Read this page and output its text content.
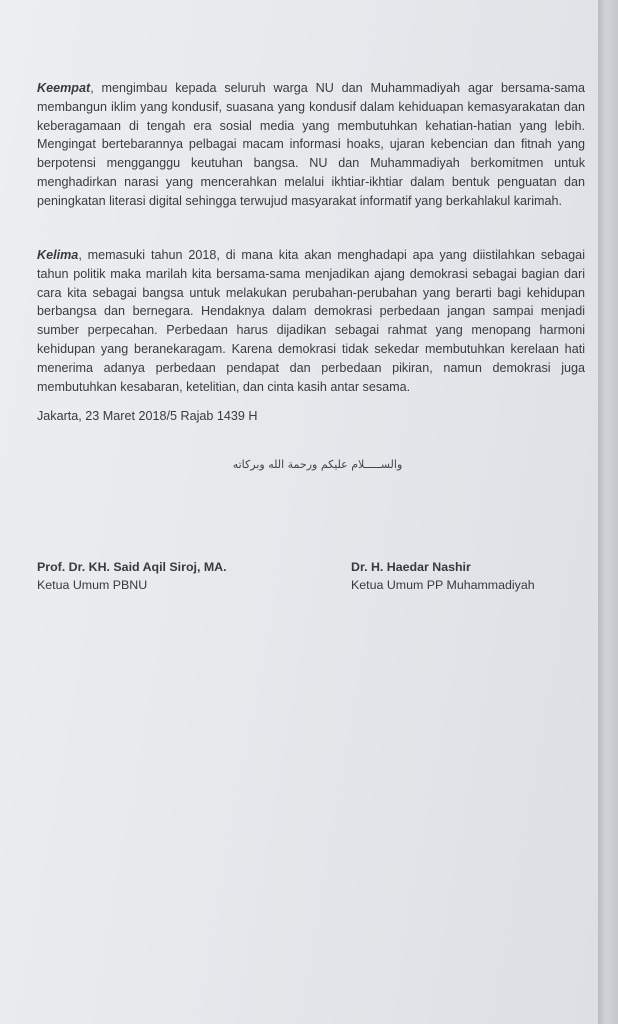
Keempat, mengimbau kepada seluruh warga NU dan Muhammadiyah agar bersama-sama membangun iklim yang kondusif, suasana yang kondusif dalam kehiduapan kemasyarakatan dan keberagamaan di tengah era sosial media yang membutuhkan kehatian-hatian yang lebih. Mengingat bertebarannya pelbagai macam informasi hoaks, ujaran kebencian dan fitnah yang berpotensi mengganggu keutuhan bangsa. NU dan Muhammadiyah berkomitmen untuk menghadirkan narasi yang mencerahkan melalui ikhtiar-ikhtiar dalam bentuk penguatan dan peningkatan literasi digital sehingga terwujud masyarakat informatif yang berkahlakul karimah.

Kelima, memasuki tahun 2018, di mana kita akan menghadapi apa yang diistilahkan sebagai tahun politik maka marilah kita bersama-sama menjadikan ajang demokrasi sebagai bagian dari cara kita sebagai bangsa untuk melakukan perubahan-perubahan yang berarti bagi kehidupan berbangsa dan bernegara. Hendaknya dalam demokrasi perbedaan jangan sampai menjadi sumber perpecahan. Perbedaan harus dijadikan sebagai rahmat yang menopang harmoni kehidupan yang beranekaragam. Karena demokrasi tidak sekedar membutuhkan kerelaan hati menerima adanya perbedaan pendapat dan perbedaan pikiran, namun demokrasi juga membutuhkan kesabaran, ketelitian, dan cinta kasih antar sesama.

Jakarta, 23 Maret 2018/5 Rajab 1439 H

والســـــلام عليكم ورحمة الله وبركاته

Prof. Dr. KH. Said Aqil Siroj, MA.

Ketua Umum PBNU

Dr. H. Haedar Nashir

Ketua Umum PP Muhammadiyah
